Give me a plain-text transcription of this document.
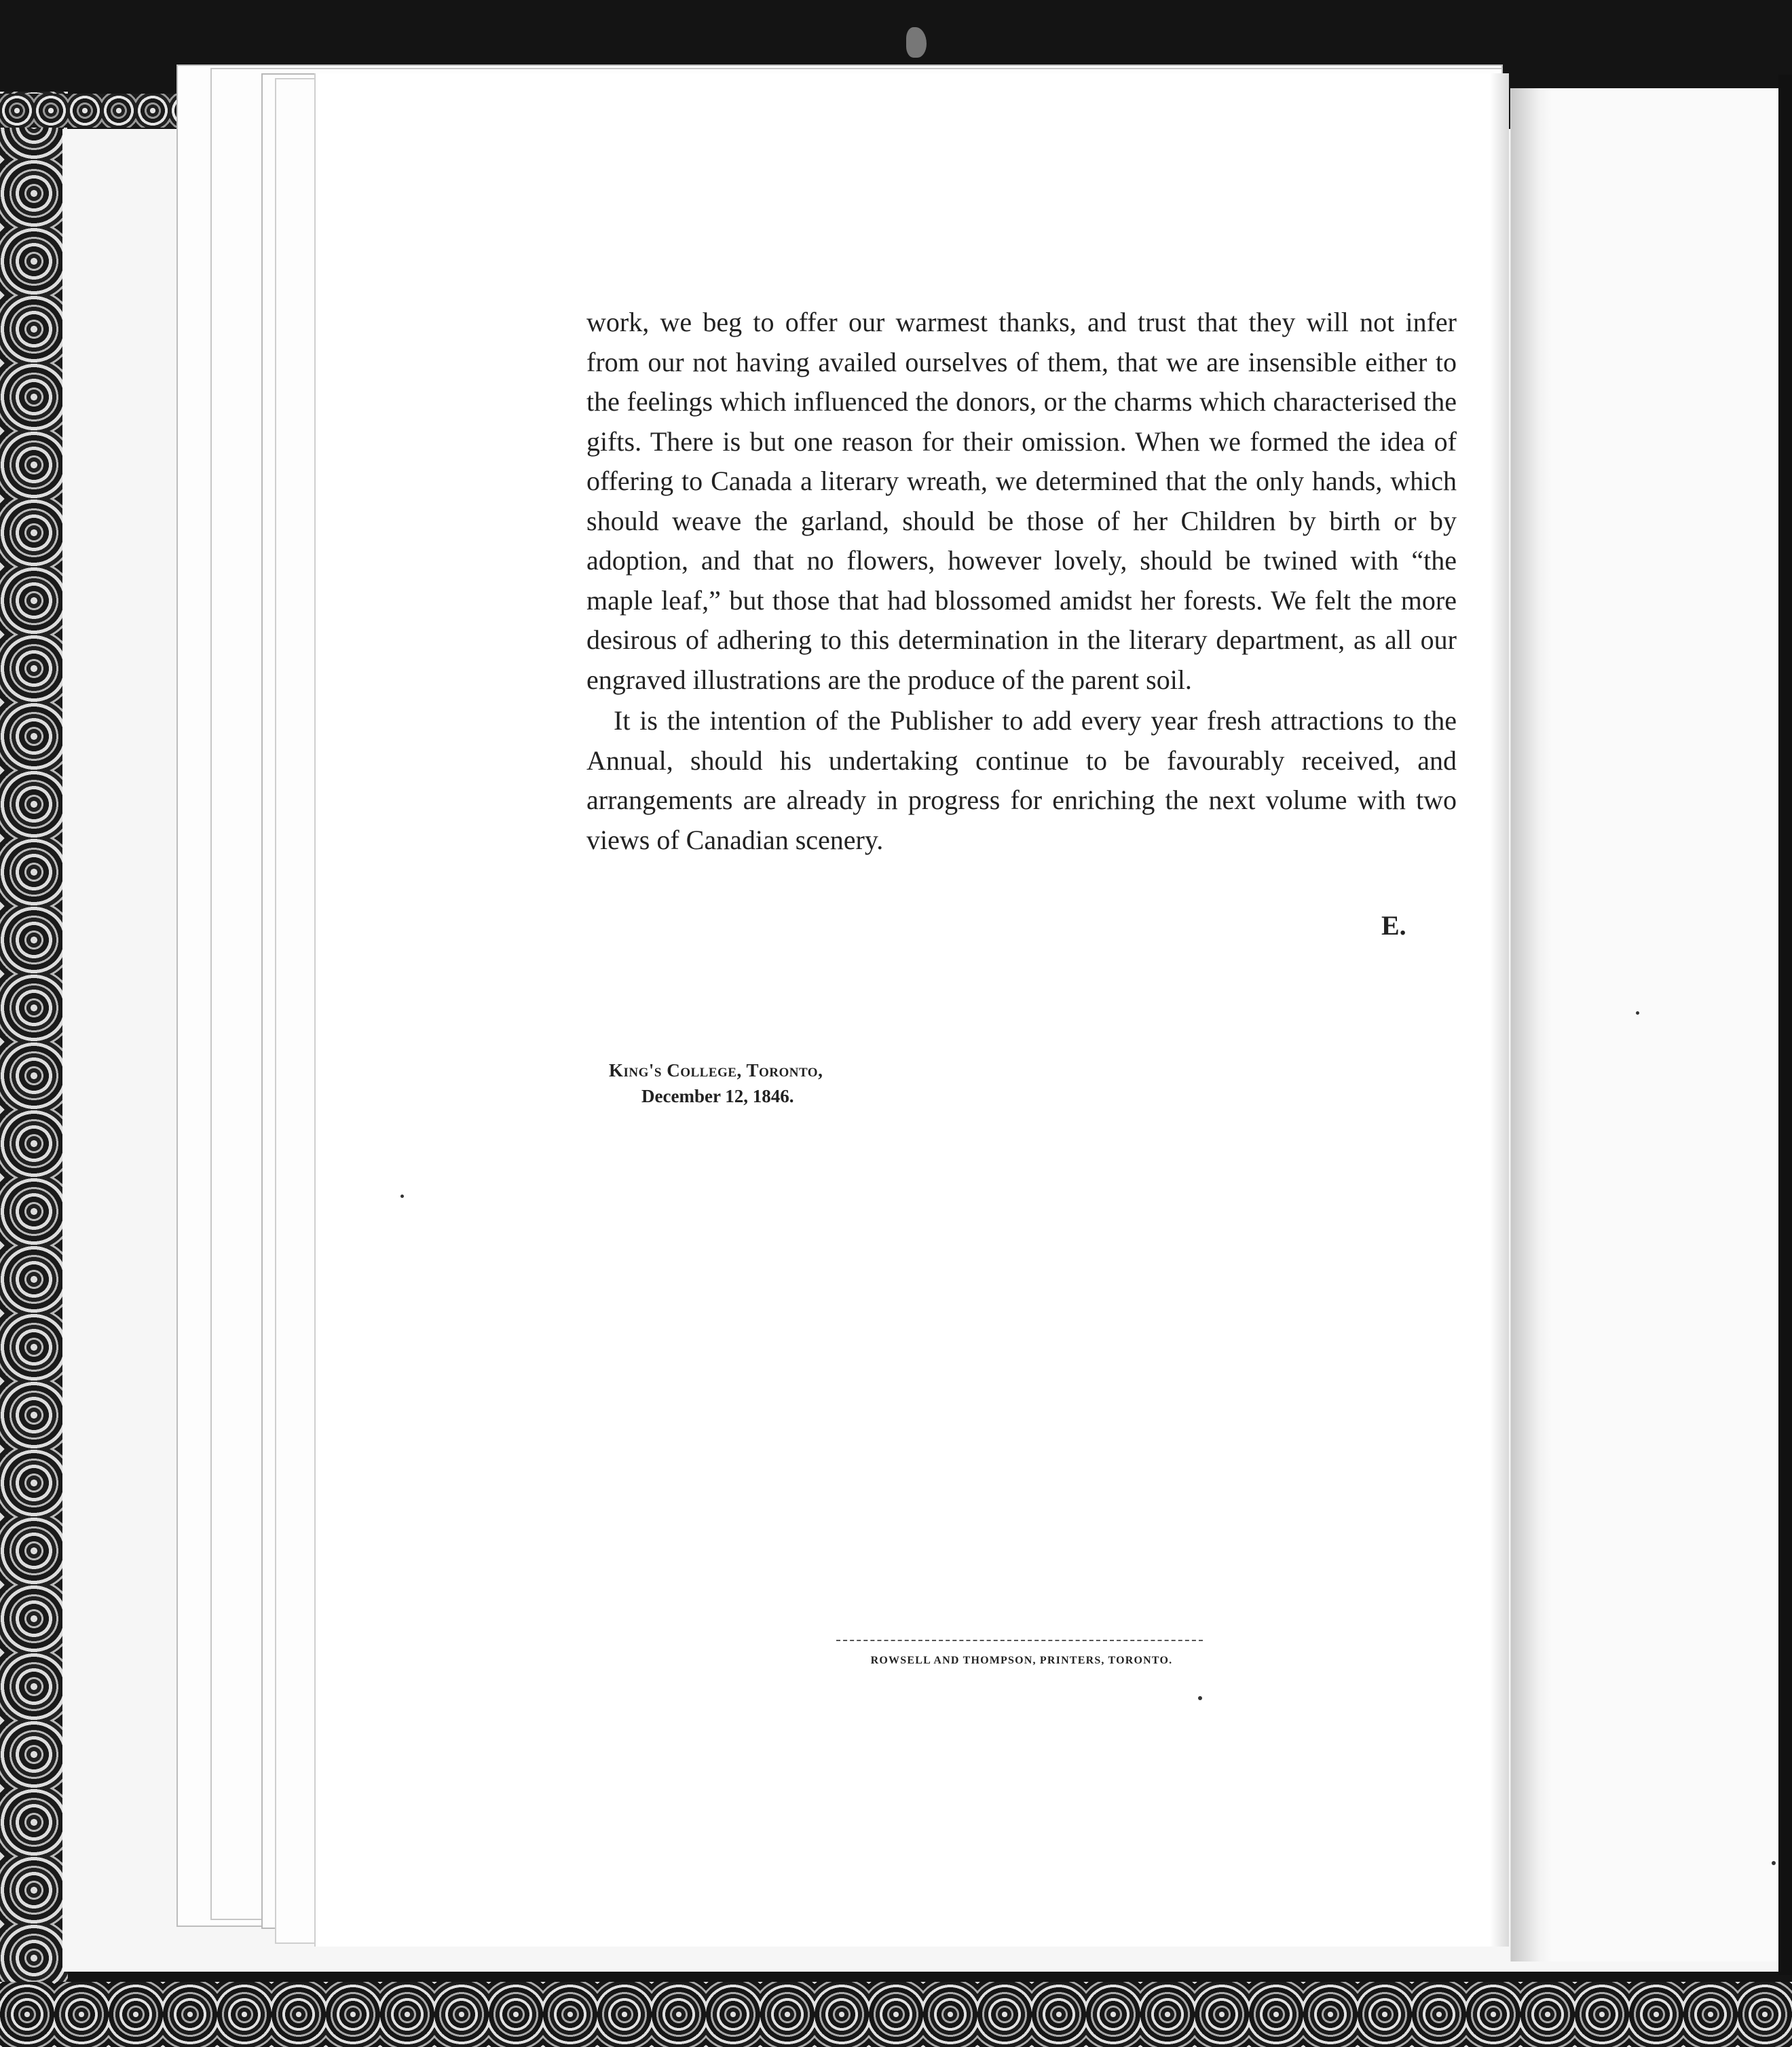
work, we beg to offer our warmest thanks, and trust that they will not infer from our not having availed ourselves of them, that we are insensible either to the feelings which influenced the donors, or the charms which characterised the gifts. There is but one reason for their omission. When we formed the idea of offering to Canada a literary wreath, we determined that the only hands, which should weave the garland, should be those of her Children by birth or by adoption, and that no flowers, however lovely, should be twined with “the maple leaf,” but those that had blossomed amidst her forests. We felt the more desirous of adhering to this determination in the literary department, as all our engraved illustrations are the produce of the parent soil.

It is the intention of the Publisher to add every year fresh attractions to the Annual, should his undertaking continue to be favourably received, and arrangements are already in progress for enriching the next volume with two views of Canadian scenery.

E.
King's College, Toronto,
December 12, 1846.
ROWSELL AND THOMPSON, PRINTERS, TORONTO.
